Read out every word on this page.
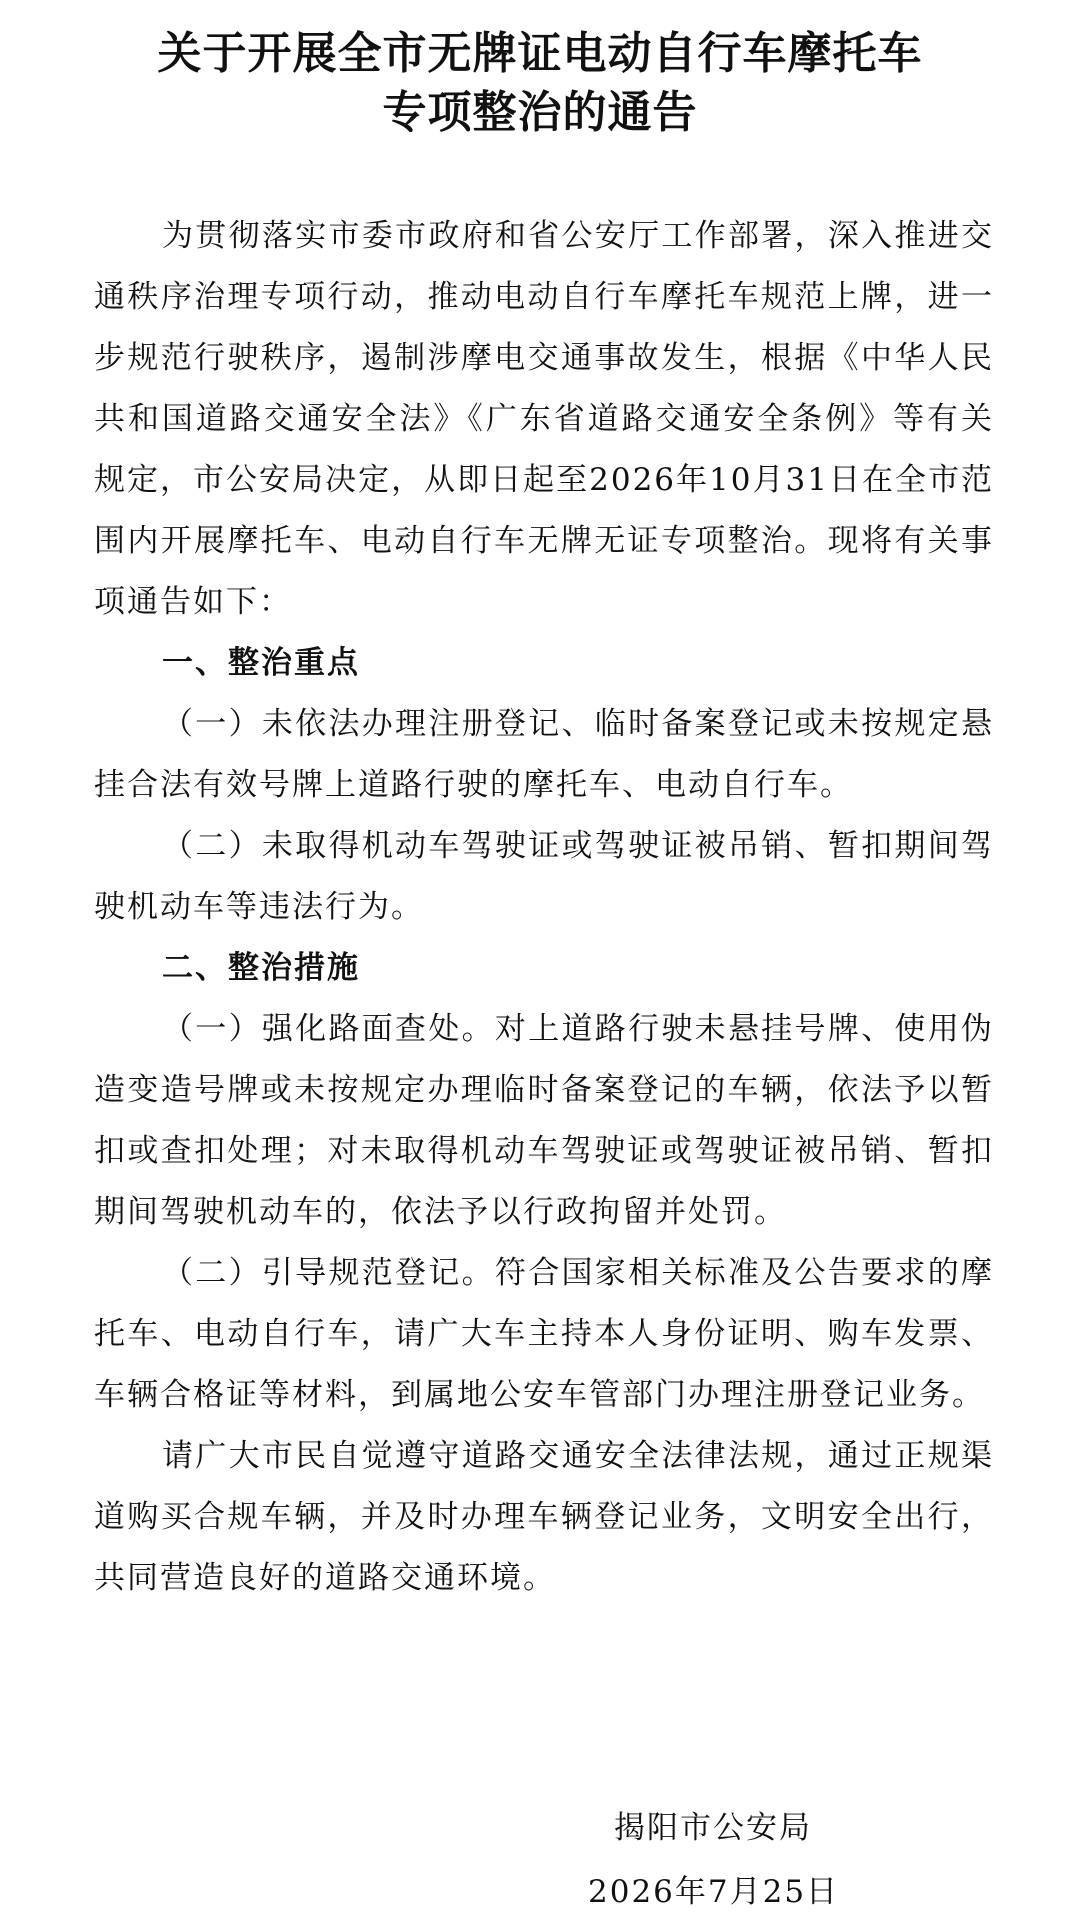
关于开展全市无牌证电动自行车摩托车
专项整治的通告

为贯彻落实市委市政府和省公安厅工作部署，深入推进交通秩序治理专项行动，推动电动自行车摩托车规范上牌，进一步规范行驶秩序，遏制涉摩电交通事故发生，根据《中华人民共和国道路交通安全法》《广东省道路交通安全条例》等有关规定，市公安局决定，从即日起至2026年10月31日在全市范围内开展摩托车、电动自行车无牌无证专项整治。现将有关事项通告如下：

一、整治重点

（一）未依法办理注册登记、临时备案登记或未按规定悬挂合法有效号牌上道路行驶的摩托车、电动自行车。

（二）未取得机动车驾驶证或驾驶证被吊销、暂扣期间驾驶机动车等违法行为。

二、整治措施

（一）强化路面查处。对上道路行驶未悬挂号牌、使用伪造变造号牌或未按规定办理临时备案登记的车辆，依法予以暂扣或查扣处理；对未取得机动车驾驶证或驾驶证被吊销、暂扣期间驾驶机动车的，依法予以行政拘留并处罚。

（二）引导规范登记。符合国家相关标准及公告要求的摩托车、电动自行车，请广大车主持本人身份证明、购车发票、车辆合格证等材料，到属地公安车管部门办理注册登记业务。

请广大市民自觉遵守道路交通安全法律法规，通过正规渠道购买合规车辆，并及时办理车辆登记业务，文明安全出行，共同营造良好的道路交通环境。

揭阳市公安局
2026年7月25日
